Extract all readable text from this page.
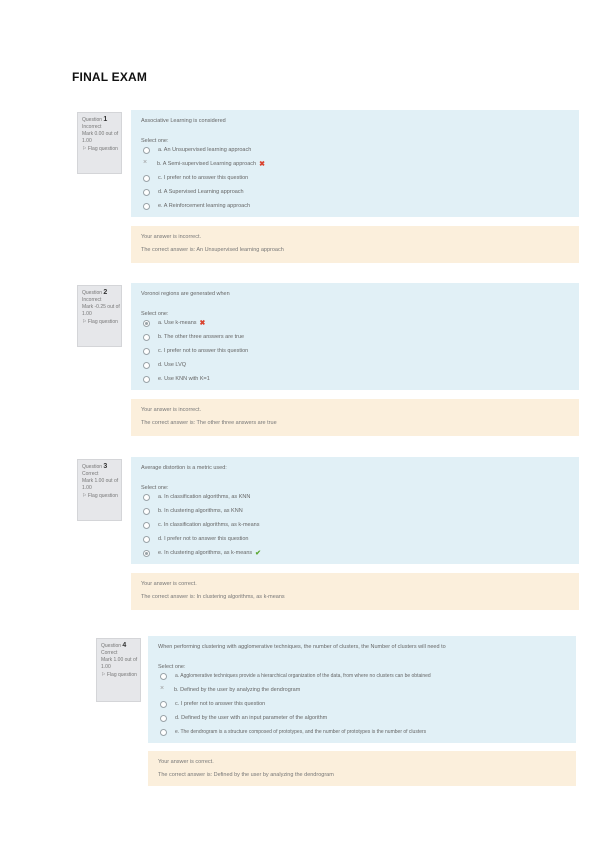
FINAL EXAM
Question 1
Incorrect
Mark 0.00 out of 1.00
⚐ Flag question
Associative Learning is considered
Select one:
a. An Unsupervised learning approach
×
b. A Semi-supervised Learning approach ✖
c. I prefer not to answer this question
d. A Supervised Learning approach
e. A Reinforcement learning approach
Your answer is incorrect.
The correct answer is: An Unsupervised learning approach
Question 2
Incorrect
Mark -0.25 out of 1.00
⚐ Flag question
Voronoi regions are generated when
Select one:
a. Use k-means ✖
b. The other three answers are true
c. I prefer not to answer this question
d. Use LVQ
e. Use KNN with K=1
Your answer is incorrect.
The correct answer is: The other three answers are true
Question 3
Correct
Mark 1.00 out of 1.00
⚐ Flag question
Average distortion is a metric used:
Select one:
a. In classification algorithms, as KNN
b. In clustering algorithms, as KNN
c. In classification algorithms, as k-means
d. I prefer not to answer this question
e. In clustering algorithms, as k-means ✔
Your answer is correct.
The correct answer is: In clustering algorithms, as k-means
Question 4
Correct
Mark 1.00 out of 1.00
⚐ Flag question
When performing clustering with agglomerative techniques, the number of clusters, the Number of clusters will need to
Select one:
a. Agglomerative techniques provide a hierarchical organization of the data, from where no clusters can be obtained
×
b. Defined by the user by analyzing the dendrogram
c. I prefer not to answer this question
d. Defined by the user with an input parameter of the algorithm
e. The dendrogram is a structure composed of prototypes, and the number of prototypes is the number of clusters
Your answer is correct.
The correct answer is: Defined by the user by analyzing the dendrogram
